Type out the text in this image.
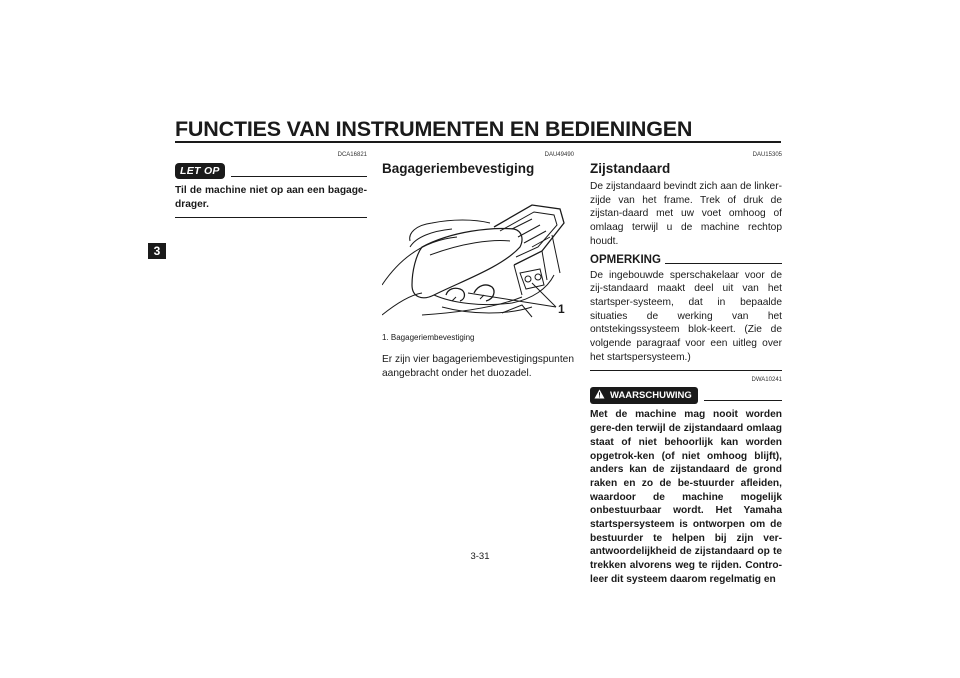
FUNCTIES VAN INSTRUMENTEN EN BEDIENINGEN
3
DCA16821
LET OP
Til de machine niet op aan een bagage-drager.
DAU49490
Bagageriembevestiging
1
1. Bagageriembevestiging
Er zijn vier bagageriembevestigingspunten aangebracht onder het duozadel.
DAU15305
Zijstandaard
De zijstandaard bevindt zich aan de linker-zijde van het frame. Trek of druk de zijstan-daard met uw voet omhoog of omlaag terwijl u de machine rechtop houdt.
OPMERKING
De ingebouwde sperschakelaar voor de zij-standaard maakt deel uit van het startsper-systeem, dat in bepaalde situaties de werking van het ontstekingssysteem blok-keert. (Zie de volgende paragraaf voor een uitleg over het startspersysteem.)
DWA10241
WAARSCHUWING
Met de machine mag nooit worden gere-den terwijl de zijstandaard omlaag staat of niet behoorlijk kan worden opgetrok-ken (of niet omhoog blijft), anders kan de zijstandaard de grond raken en zo de be-stuurder afleiden, waardoor de machine mogelijk onbestuurbaar wordt. Het Yamaha startspersysteem is ontworpen om de bestuurder te helpen bij zijn ver-antwoordelijkheid de zijstandaard op te trekken alvorens weg te rijden. Contro-leer dit systeem daarom regelmatig en
3-31
